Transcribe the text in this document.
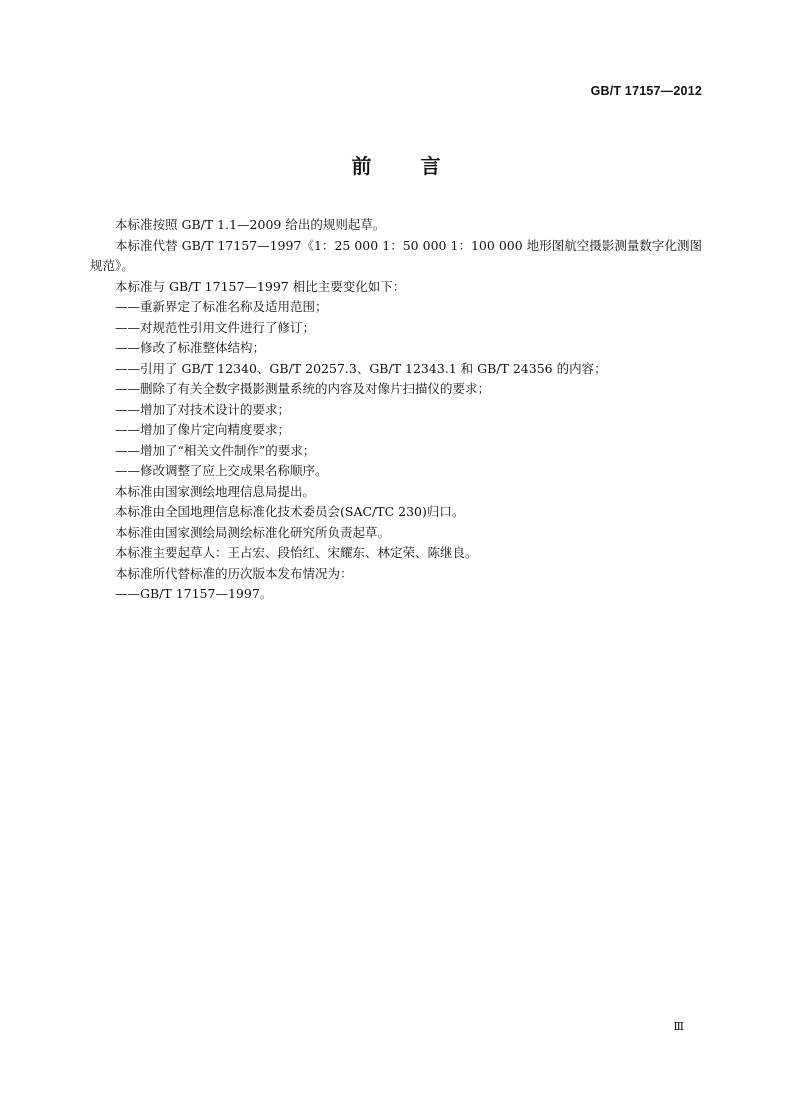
GB/T 17157—2012
前 言

本标准按照 GB/T 1.1—2009 给出的规则起草。

本标准代替 GB/T 17157—1997《1：25 000 1：50 000 1：100 000 地形图航空摄影测量数字化测图规范》。

本标准与 GB/T 17157—1997 相比主要变化如下：

——重新界定了标准名称及适用范围；

——对规范性引用文件进行了修订；

——修改了标准整体结构；

——引用了 GB/T 12340、GB/T 20257.3、GB/T 12343.1 和 GB/T 24356 的内容；

——删除了有关全数字摄影测量系统的内容及对像片扫描仪的要求；

——增加了对技术设计的要求；

——增加了像片定向精度要求；

——增加了“相关文件制作”的要求；

——修改调整了应上交成果名称顺序。

本标准由国家测绘地理信息局提出。

本标准由全国地理信息标准化技术委员会(SAC/TC 230)归口。

本标准由国家测绘局测绘标准化研究所负责起草。

本标准主要起草人：王占宏、段怡红、宋耀东、林定荣、陈继良。

本标准所代替标准的历次版本发布情况为：

——GB/T 17157—1997。

Ⅲ
